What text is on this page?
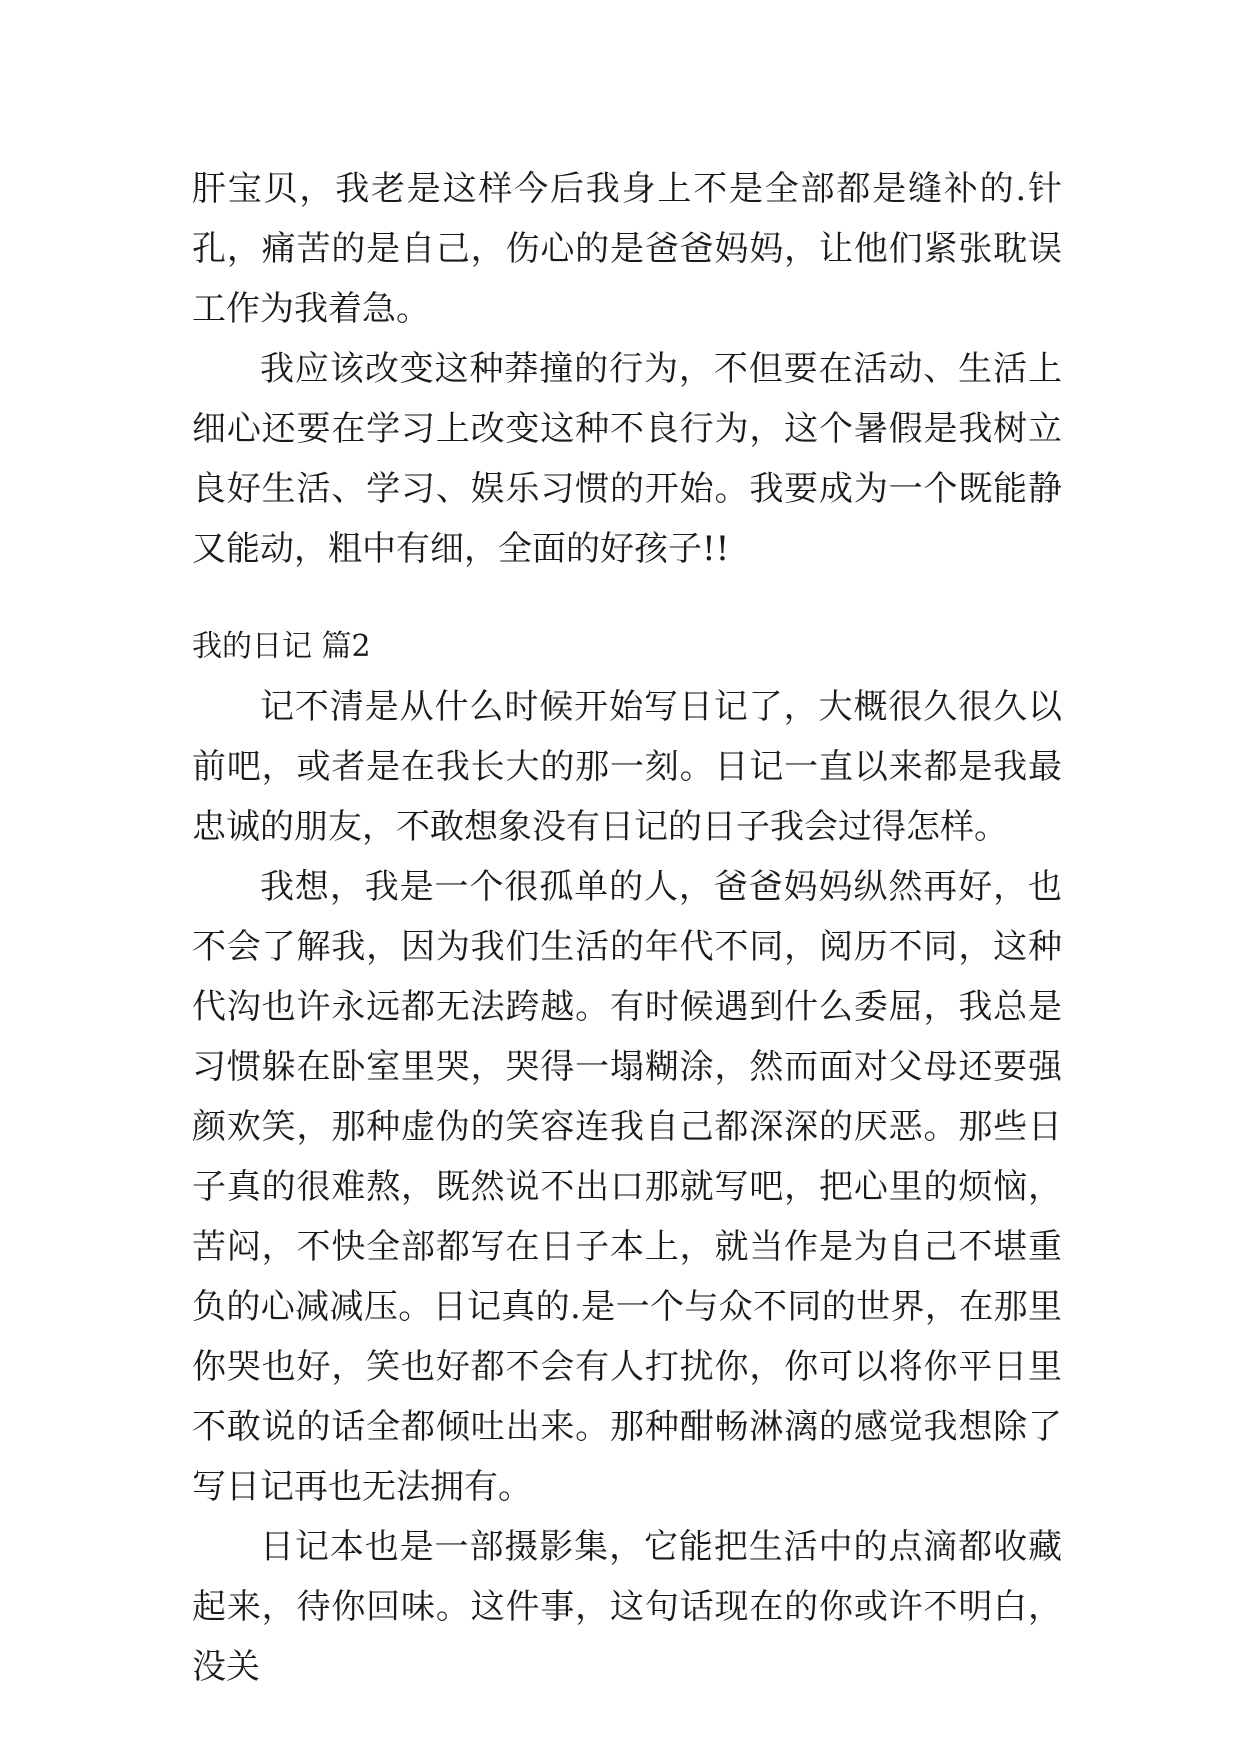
肝宝贝，我老是这样今后我身上不是全部都是缝补的.针孔，痛苦的是自己，伤心的是爸爸妈妈，让他们紧张耽误工作为我着急。

我应该改变这种莽撞的行为，不但要在活动、生活上细心还要在学习上改变这种不良行为，这个暑假是我树立良好生活、学习、娱乐习惯的开始。我要成为一个既能静又能动，粗中有细，全面的好孩子!!

我的日记 篇2

记不清是从什么时候开始写日记了，大概很久很久以前吧，或者是在我长大的那一刻。日记一直以来都是我最忠诚的朋友，不敢想象没有日记的日子我会过得怎样。

我想，我是一个很孤单的人，爸爸妈妈纵然再好，也不会了解我，因为我们生活的年代不同，阅历不同，这种代沟也许永远都无法跨越。有时候遇到什么委屈，我总是习惯躲在卧室里哭，哭得一塌糊涂，然而面对父母还要强颜欢笑，那种虚伪的笑容连我自己都深深的厌恶。那些日子真的很难熬，既然说不出口那就写吧，把心里的烦恼，苦闷，不快全部都写在日子本上，就当作是为自己不堪重负的心减减压。日记真的.是一个与众不同的世界，在那里你哭也好，笑也好都不会有人打扰你，你可以将你平日里不敢说的话全都倾吐出来。那种酣畅淋漓的感觉我想除了写日记再也无法拥有。

日记本也是一部摄影集，它能把生活中的点滴都收藏起来，待你回味。这件事，这句话现在的你或许不明白，没关
